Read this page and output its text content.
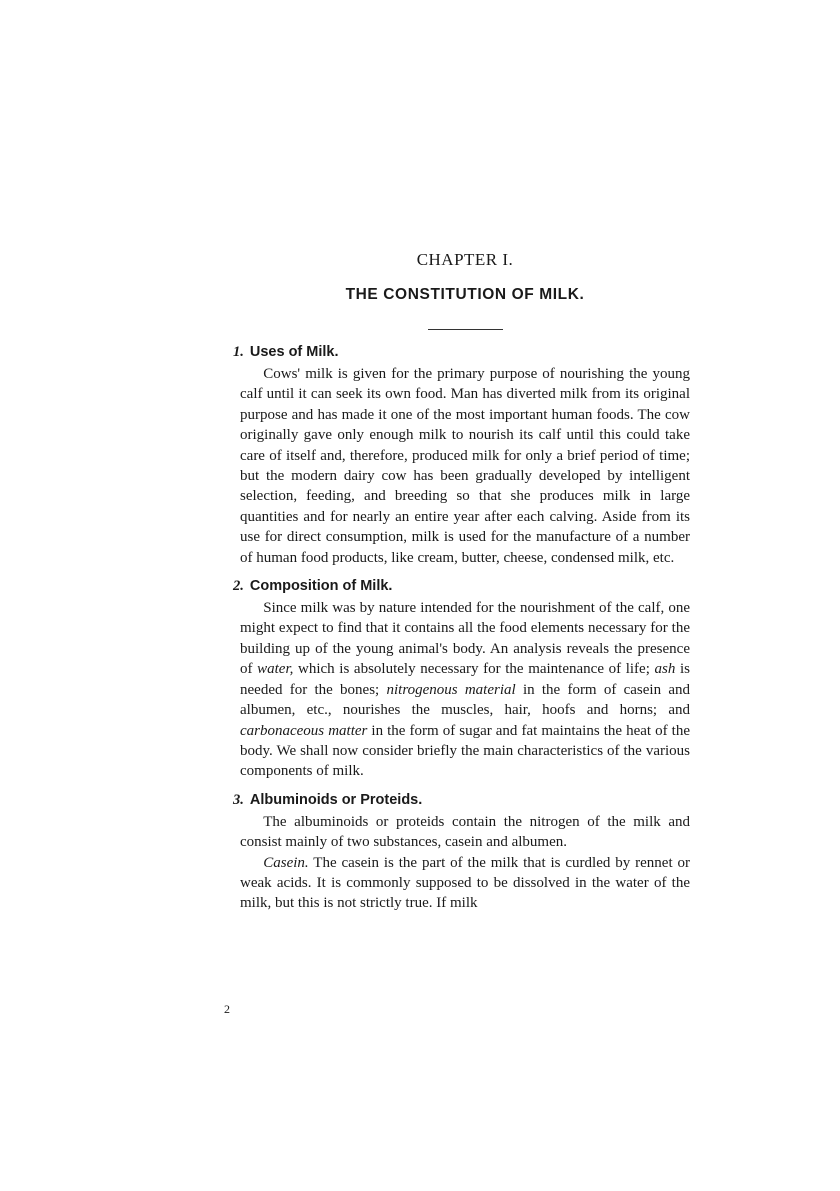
CHAPTER I.

THE CONSTITUTION OF MILK.

1. Uses of Milk.

Cows' milk is given for the primary purpose of nourishing the young calf until it can seek its own food. Man has diverted milk from its original purpose and has made it one of the most important human foods. The cow originally gave only enough milk to nourish its calf until this could take care of itself and, therefore, produced milk for only a brief period of time; but the modern dairy cow has been gradually developed by intelligent selection, feeding, and breeding so that she produces milk in large quantities and for nearly an entire year after each calving. Aside from its use for direct consumption, milk is used for the manufacture of a number of human food products, like cream, butter, cheese, condensed milk, etc.

2. Composition of Milk.

Since milk was by nature intended for the nourishment of the calf, one might expect to find that it contains all the food elements necessary for the building up of the young animal's body. An analysis reveals the presence of water, which is absolutely necessary for the maintenance of life; ash is needed for the bones; nitrogenous material in the form of casein and albumen, etc., nourishes the muscles, hair, hoofs and horns; and carbonaceous matter in the form of sugar and fat maintains the heat of the body. We shall now consider briefly the main characteristics of the various components of milk.

3. Albuminoids or Proteids.

The albuminoids or proteids contain the nitrogen of the milk and consist mainly of two substances, casein and albumen.

Casein. The casein is the part of the milk that is curdled by rennet or weak acids. It is commonly supposed to be dissolved in the water of the milk, but this is not strictly true. If milk

2
